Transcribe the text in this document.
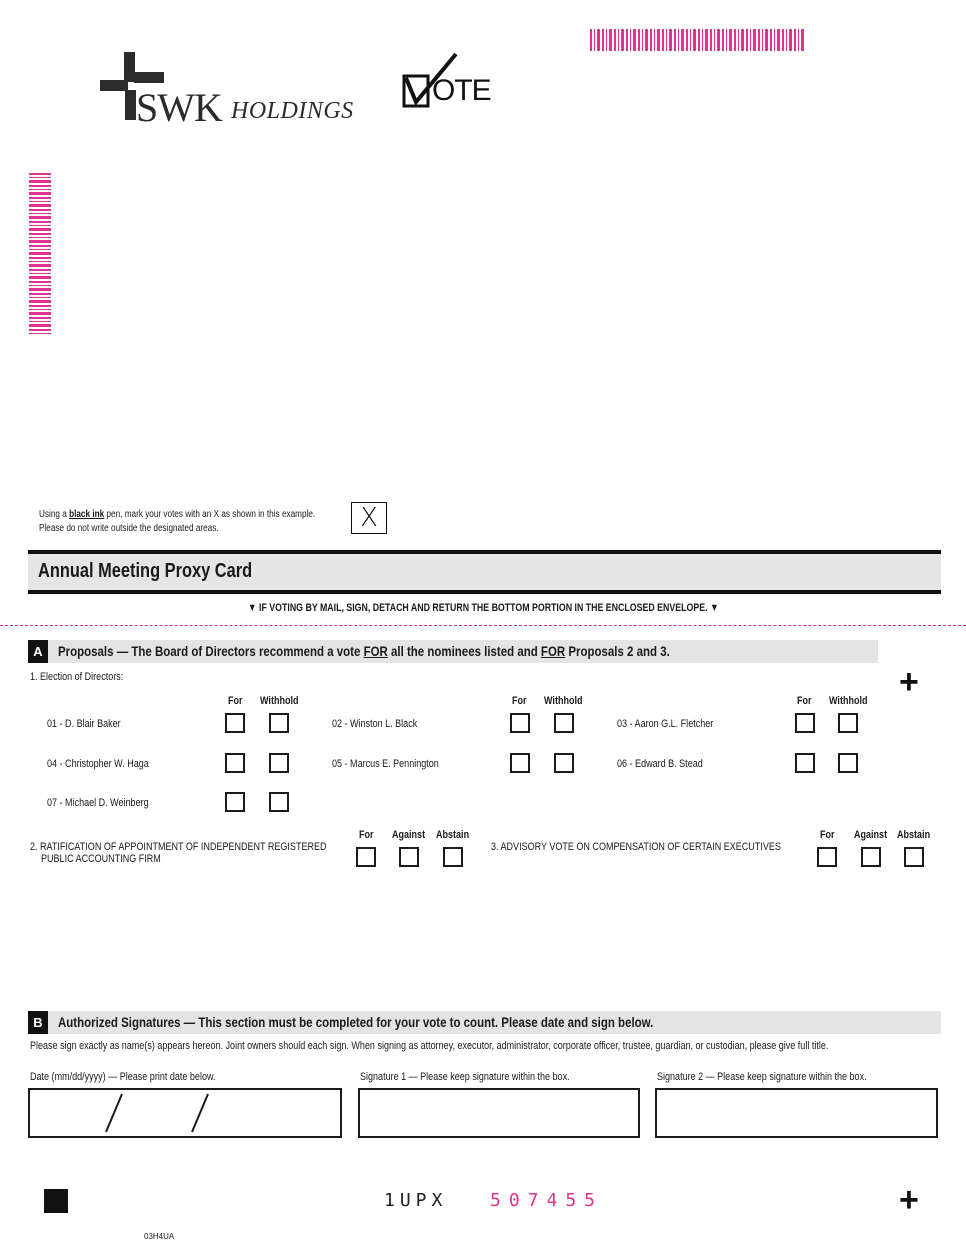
SWK HOLDINGS
OTE
Using a black ink pen, mark your votes with an X as shown in this example.
Please do not write outside the designated areas.	X
Annual Meeting Proxy Card
▼ IF VOTING BY MAIL, SIGN, DETACH AND RETURN THE BOTTOM PORTION IN THE ENCLOSED ENVELOPE. ▼
A	Proposals — The Board of Directors recommend a vote FOR all the nominees listed and FOR Proposals 2 and 3.
+
1. Election of Directors:
For Withhold	For Withhold	For Withhold
01 - D. Blair Baker	02 - Winston L. Black	03 - Aaron G.L. Fletcher
04 - Christopher W. Haga	05 - Marcus E. Pennington	06 - Edward B. Stead
07 - Michael D. Weinberg
For Against Abstain
2. RATIFICATION OF APPOINTMENT OF INDEPENDENT REGISTERED
PUBLIC ACCOUNTING FIRM
3. ADVISORY VOTE ON COMPENSATION OF CERTAIN EXECUTIVES
For Against Abstain
B	Authorized Signatures — This section must be completed for your vote to count. Please date and sign below.
Please sign exactly as name(s) appears hereon. Joint owners should each sign. When signing as attorney, executor, administrator, corporate officer, trustee, guardian, or custodian, please give full title.
Date (mm/dd/yyyy) — Please print date below.	Signature 1 — Please keep signature within the box.	Signature 2 — Please keep signature within the box.
1UPX 507455	+
03H4UA
